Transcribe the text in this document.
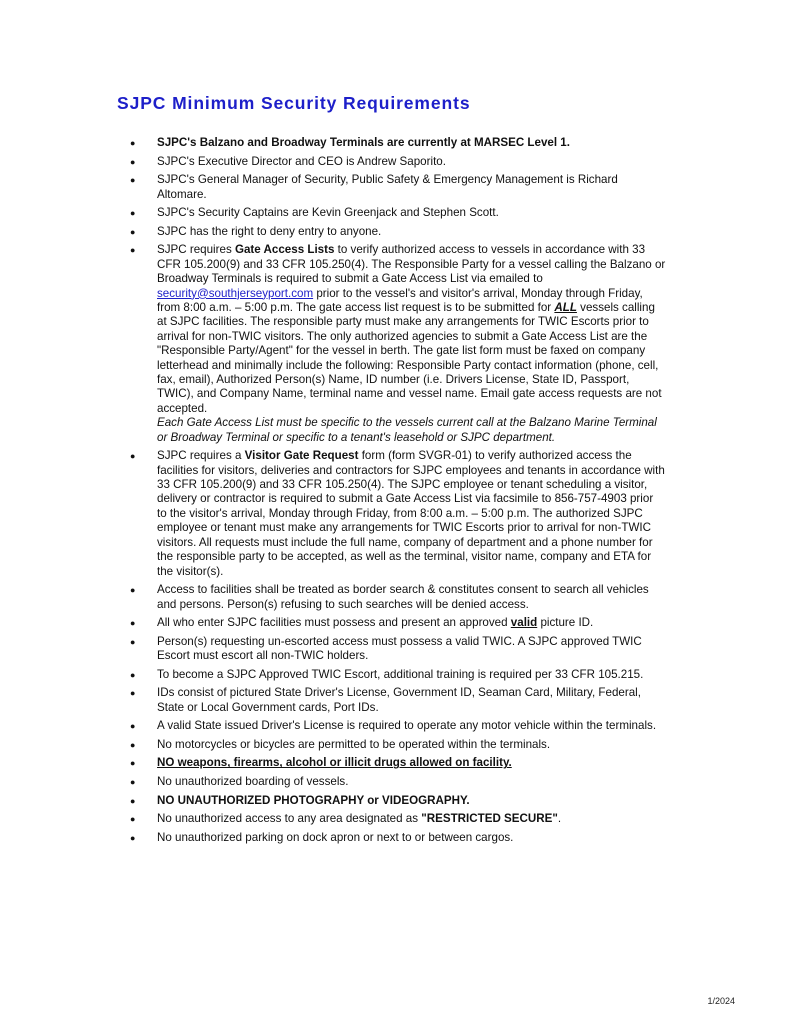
SJPC Minimum Security Requirements
● SJPC's Balzano and Broadway Terminals are currently at MARSEC Level 1.
● SJPC's Executive Director and CEO is Andrew Saporito.
● SJPC's General Manager of Security, Public Safety & Emergency Management is Richard Altomare.
● SJPC's Security Captains are Kevin Greenjack and Stephen Scott.
● SJPC has the right to deny entry to anyone.
● SJPC requires Gate Access Lists to verify authorized access to vessels in accordance with 33 CFR 105.200(9) and 33 CFR 105.250(4). The Responsible Party for a vessel calling the Balzano or Broadway Terminals is required to submit a Gate Access List via emailed to security@southjerseyport.com prior to the vessel's and visitor's arrival, Monday through Friday, from 8:00 a.m. – 5:00 p.m. The gate access list request is to be submitted for ALL vessels calling at SJPC facilities. The responsible party must make any arrangements for TWIC Escorts prior to arrival for non-TWIC visitors. The only authorized agencies to submit a Gate Access List are the "Responsible Party/Agent" for the vessel in berth. The gate list form must be faxed on company letterhead and minimally include the following: Responsible Party contact information (phone, cell, fax, email), Authorized Person(s) Name, ID number (i.e. Drivers License, State ID, Passport, TWIC), and Company Name, terminal name and vessel name. Email gate access requests are not accepted.
Each Gate Access List must be specific to the vessels current call at the Balzano Marine Terminal or Broadway Terminal or specific to a tenant's leasehold or SJPC department.
● SJPC requires a Visitor Gate Request form (form SVGR-01) to verify authorized access the facilities for visitors, deliveries and contractors for SJPC employees and tenants in accordance with 33 CFR 105.200(9) and 33 CFR 105.250(4). The SJPC employee or tenant scheduling a visitor, delivery or contractor is required to submit a Gate Access List via facsimile to 856-757-4903 prior to the visitor's arrival, Monday through Friday, from 8:00 a.m. – 5:00 p.m. The authorized SJPC employee or tenant must make any arrangements for TWIC Escorts prior to arrival for non-TWIC visitors. All requests must include the full name, company of department and a phone number for the responsible party to be accepted, as well as the terminal, visitor name, company and ETA for the visitor(s).
● Access to facilities shall be treated as border search & constitutes consent to search all vehicles and persons. Person(s) refusing to such searches will be denied access.
● All who enter SJPC facilities must possess and present an approved valid picture ID.
● Person(s) requesting un-escorted access must possess a valid TWIC. A SJPC approved TWIC Escort must escort all non-TWIC holders.
● To become a SJPC Approved TWIC Escort, additional training is required per 33 CFR 105.215.
● IDs consist of pictured State Driver's License, Government ID, Seaman Card, Military, Federal, State or Local Government cards, Port IDs.
● A valid State issued Driver's License is required to operate any motor vehicle within the terminals.
● No motorcycles or bicycles are permitted to be operated within the terminals.
● NO weapons, firearms, alcohol or illicit drugs allowed on facility.
● No unauthorized boarding of vessels.
● NO UNAUTHORIZED PHOTOGRAPHY or VIDEOGRAPHY.
● No unauthorized access to any area designated as "RESTRICTED SECURE".
● No unauthorized parking on dock apron or next to or between cargos.
1/2024
